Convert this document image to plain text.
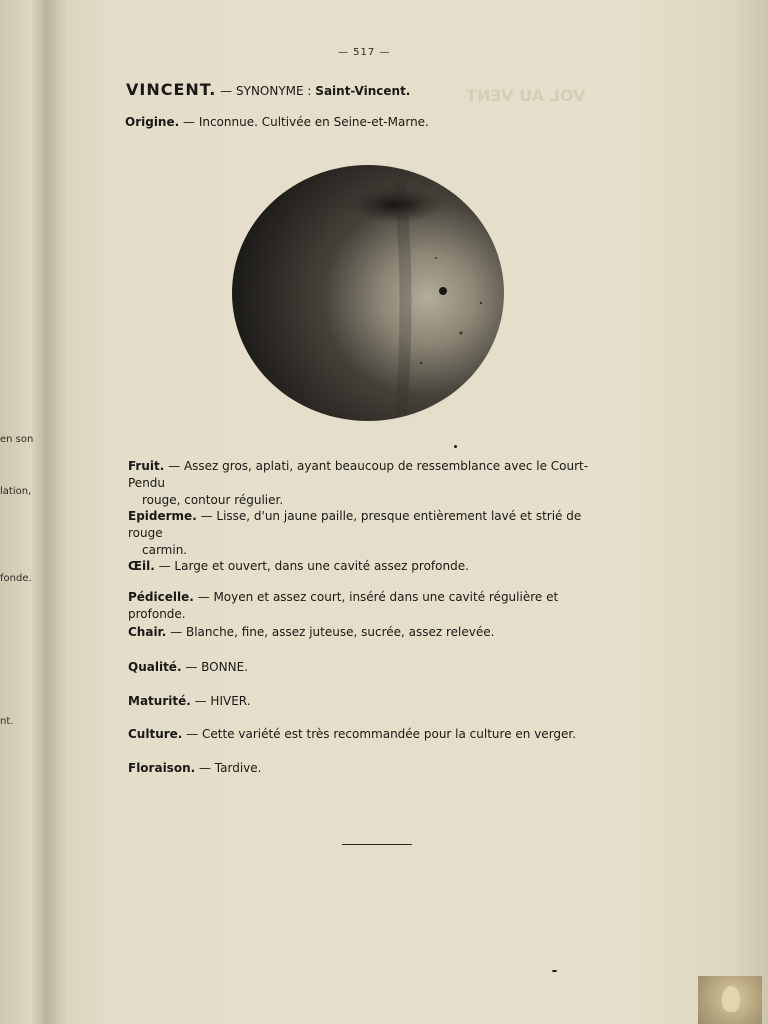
en son
lation,
fonde.
nt.
VOL AU VENT
— 517 —
VINCENT. — SYNONYME : Saint-Vincent.
Origine. — Inconnue. Cultivée en Seine-et-Marne.
Fruit. — Assez gros, aplati, ayant beaucoup de ressemblance avec le Court-Pendu
rouge, contour régulier.
Epiderme. — Lisse, d'un jaune paille, presque entièrement lavé et strié de rouge
carmin.
Œil. — Large et ouvert, dans une cavité assez profonde.
Pédicelle. — Moyen et assez court, inséré dans une cavité régulière et profonde.
Chair. — Blanche, fine, assez juteuse, sucrée, assez relevée.
Qualité. — BONNE.
Maturité. — HIVER.
Culture. — Cette variété est très recommandée pour la culture en verger.
Floraison. — Tardive.
